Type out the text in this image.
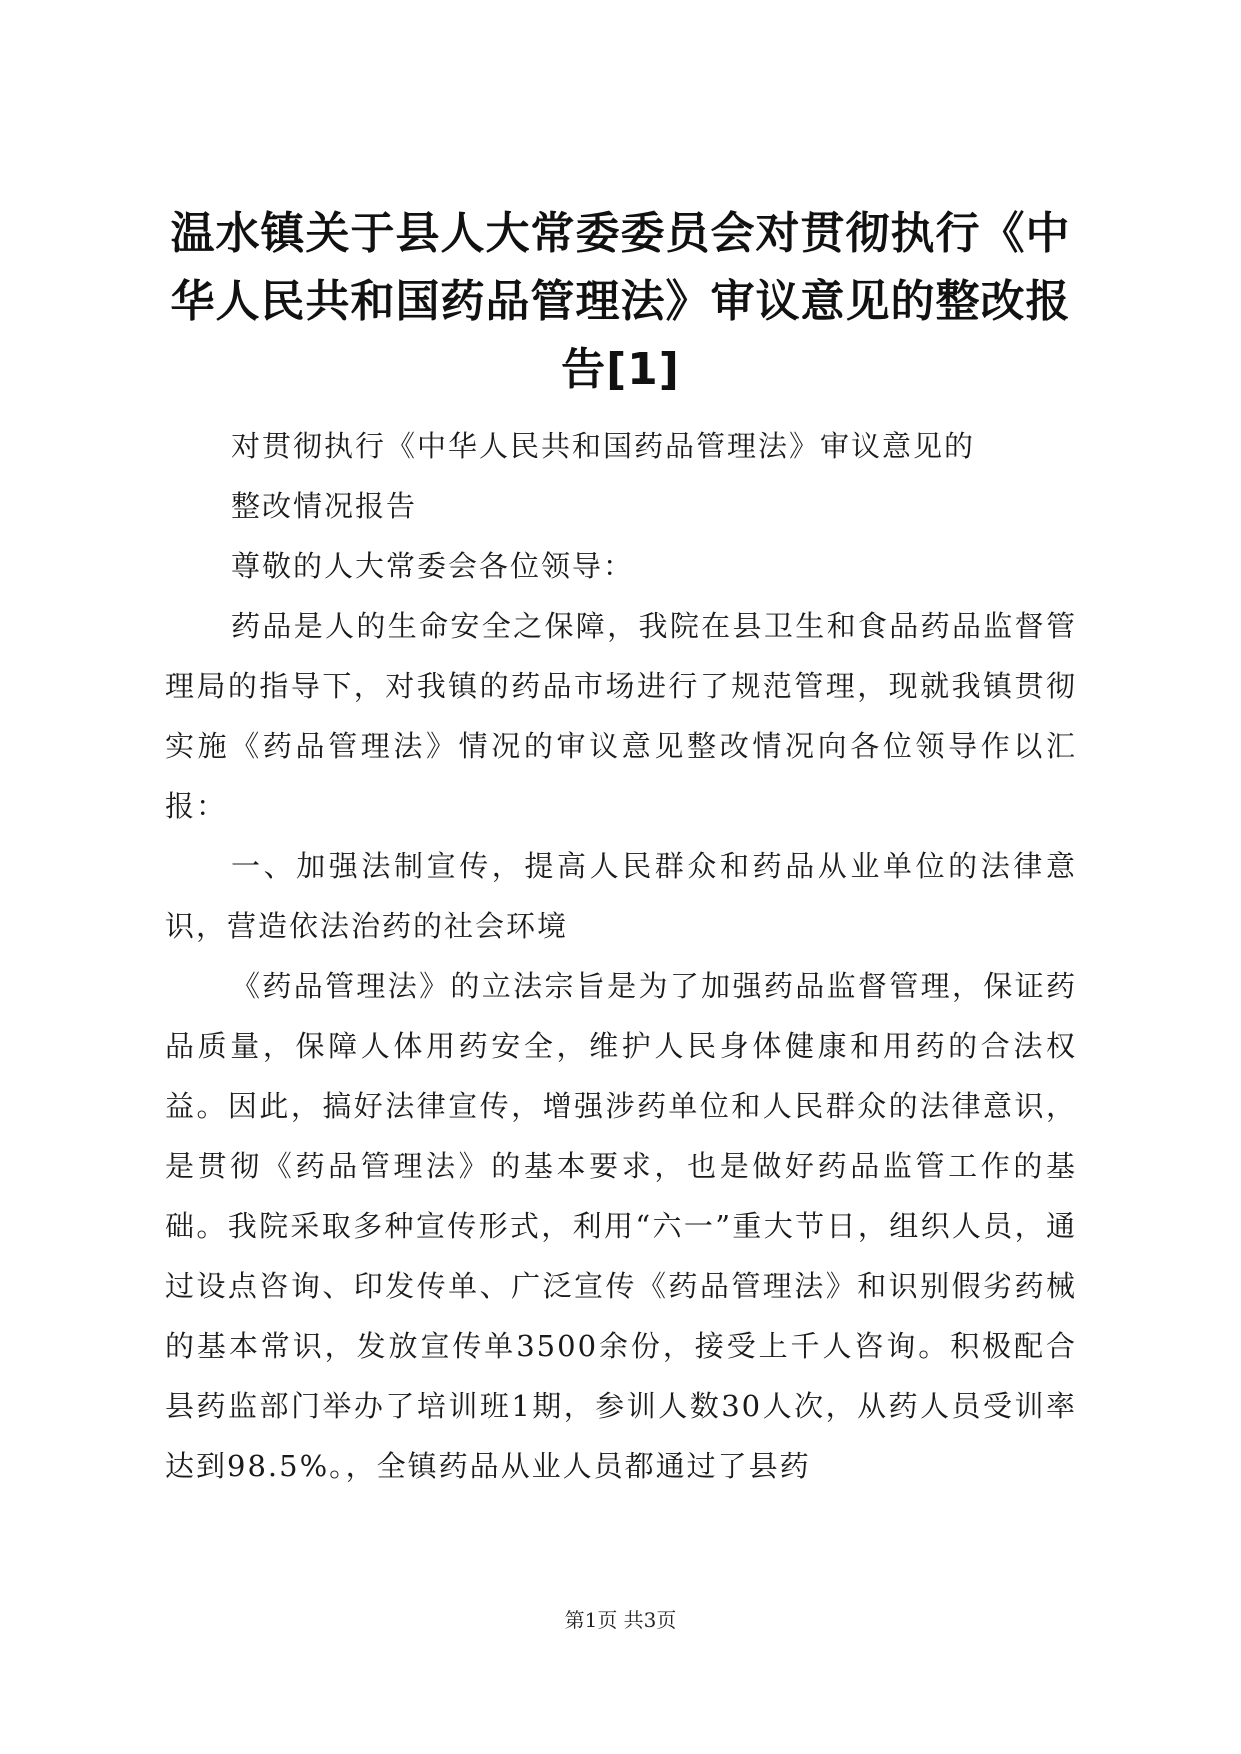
温水镇关于县人大常委委员会对贯彻执行《中华人民共和国药品管理法》审议意见的整改报告[1]

对贯彻执行《中华人民共和国药品管理法》审议意见的

整改情况报告

尊敬的人大常委会各位领导：

药品是人的生命安全之保障，我院在县卫生和食品药品监督管理局的指导下，对我镇的药品市场进行了规范管理，现就我镇贯彻实施《药品管理法》情况的审议意见整改情况向各位领导作以汇报：

一、加强法制宣传，提高人民群众和药品从业单位的法律意识，营造依法治药的社会环境

《药品管理法》的立法宗旨是为了加强药品监督管理，保证药品质量，保障人体用药安全，维护人民身体健康和用药的合法权益。因此，搞好法律宣传，增强涉药单位和人民群众的法律意识，是贯彻《药品管理法》的基本要求，也是做好药品监管工作的基础。我院采取多种宣传形式，利用“六一”重大节日，组织人员，通过设点咨询、印发传单、广泛宣传《药品管理法》和识别假劣药械的基本常识，发放宣传单3500余份，接受上千人咨询。积极配合县药监部门举办了培训班1期，参训人数30人次，从药人员受训率达到98.5%。，全镇药品从业人员都通过了县药

第1页 共3页
